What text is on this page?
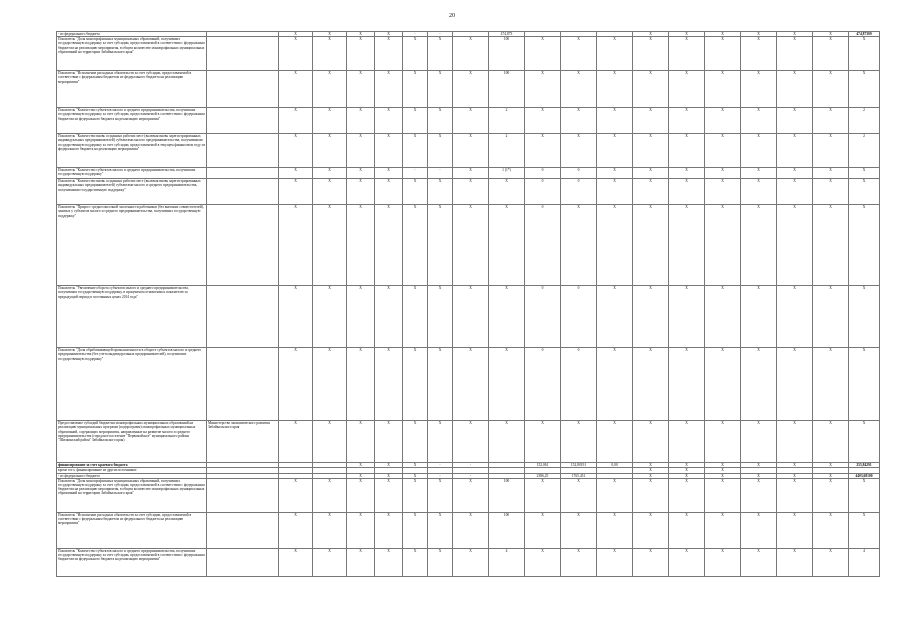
20
- из федерального бюджета		Х	Х	Х	Х	-	-		474,873				Х	Х	Х	Х	Х	Х	474,87300
Показатель "Доля монопрофильных муниципальных образований, получивших государственную поддержку за счет субсидии, предоставляемой в соответствии с федеральным бюджетом на реализацию мероприятия, в общем количестве монопрофильных муниципальных образований на территории Забайкальского края"		Х	Х	Х	Х	Х	Х	Х	100	Х	Х	Х	Х	Х	Х	Х	Х	Х	Х
Показатель "Исполнение расходных обязательств за счет субсидии, предоставляемой в соответствии с федеральным бюджетом из федерального бюджета на реализацию мероприятия"		Х	Х	Х	Х	Х	Х	Х	100	Х	Х	Х	Х	Х	Х	Х	Х	Х	Х
Показатель "Количество субъектов малого и среднего предпринимательства, получивших государственную поддержку за счет субсидии, предоставляемой в соответствии с федеральным бюджетом из федерального бюджета на реализацию мероприятия"		Х	Х	Х	Х	Х	Х	Х	2	Х	Х	Х	Х	Х	Х	Х	Х	Х	2
Показатель "Количество вновь созданных рабочих мест (включая вновь зарегистрированных индивидуальных предпринимателей) субъектами малого предпринимательства, получившими государственную поддержку за счет субсидии, предоставляемой в текущем финансовом году из федерального бюджета на реализацию мероприятия"		Х	Х	Х	Х	Х	Х	Х	2	Х	Х	Х	Х	Х	Х	Х	Х	Х	2
Показатель "Количество субъектов малого и среднего предпринимательства, получивших государственную поддержку"		Х	Х	Х	Х	-	-	Х	1 (1*)	0	0	Х	Х	Х	Х	Х	Х	Х	Х
Показатель "Количество вновь созданных рабочих мест (включая вновь зарегистрированных индивидуальных предпринимателей) субъектами малого и среднего предпринимательства, получившими государственную поддержку"		Х	Х	Х	Х	Х	Х	Х	Х	0	0	Х	Х	Х	Х	Х	Х	Х	Х
Показатель "Прирост среднесписочной численности работников (без внешних совместителей), занятых у субъектов малого и среднего предпринимательства, получивших государственную поддержку"		Х	Х	Х	Х	Х	Х	Х	Х	0	Х	Х	Х	Х	Х	Х	Х	Х	Х
Показатель "Увеличение оборота субъектов малого и среднего предпринимательства, получивших государственную поддержку, в процентном отношении к показателю за предыдущий период в постоянных ценах 2014 года"		Х	Х	Х	Х	Х	Х	Х	Х	0	0	Х	Х	Х	Х	Х	Х	Х	Х
Показатель "Доля обрабатывающей промышленности в обороте субъектов малого и среднего предпринимательства (без учета индивидуальных предпринимателей), получивших государственную поддержку"		Х	Х	Х	Х	Х	Х	Х	Х	0	0	Х	Х	Х	Х	Х	Х	Х	Х
Предоставление субсидий бюджетам монопрофильных муниципальных образований на реализацию муниципальных программ (подпрограмм) монопрофильных муниципальных образований, содержащих мероприятия, направленные на развитие малого и среднего предпринимательства (городское поселение "Первомайское" муниципального района "Шилкинский район" Забайкальского края)	Министерство экономического развития Забайкальского края	Х	Х	Х	Х	Х	Х	Х	Х	Х	Х	Х	Х	Х	Х	Х	Х	Х	Х
финансирование за счет краевого бюджета				Х	Х	Х	-	-		152,061	152,80191	0,00	Х	Х	Х	Х	Х	Х	255,84291
кроме того, финансирование из других источников:													Х	Х	Х				
- из федерального бюджета				Х	Х	Х	-	-		2386,25	1765,431		Х	Х	Х	Х	Х	Х	4403,68100
Показатель "Доля монопрофильных муниципальных образований, получивших государственную поддержку за счет субсидии, предоставляемой в соответствии с федеральным бюджетом на реализацию мероприятия, в общем количестве монопрофильных муниципальных образований на территории Забайкальского края"		Х	Х	Х	Х	Х	Х	Х	100	Х	Х	Х	Х	Х	Х	Х	Х	Х	Х
Показатель "Исполнение расходных обязательств за счет субсидии, предоставляемой в соответствии с федеральным бюджетом из федерального бюджета на реализацию мероприятия"		Х	Х	Х	Х	Х	Х	Х	100	Х	Х	Х	Х	Х	Х	Х	Х	Х	Х
Показатель "Количество субъектов малого и среднего предпринимательства, получивших государственную поддержку за счет субсидии, предоставляемой в соответствии с федеральным бюджетом из федерального бюджета на реализацию мероприятия"		Х	Х	Х	Х	Х	Х	Х	4	Х	Х	Х	Х	Х	Х	Х	Х	Х	4
